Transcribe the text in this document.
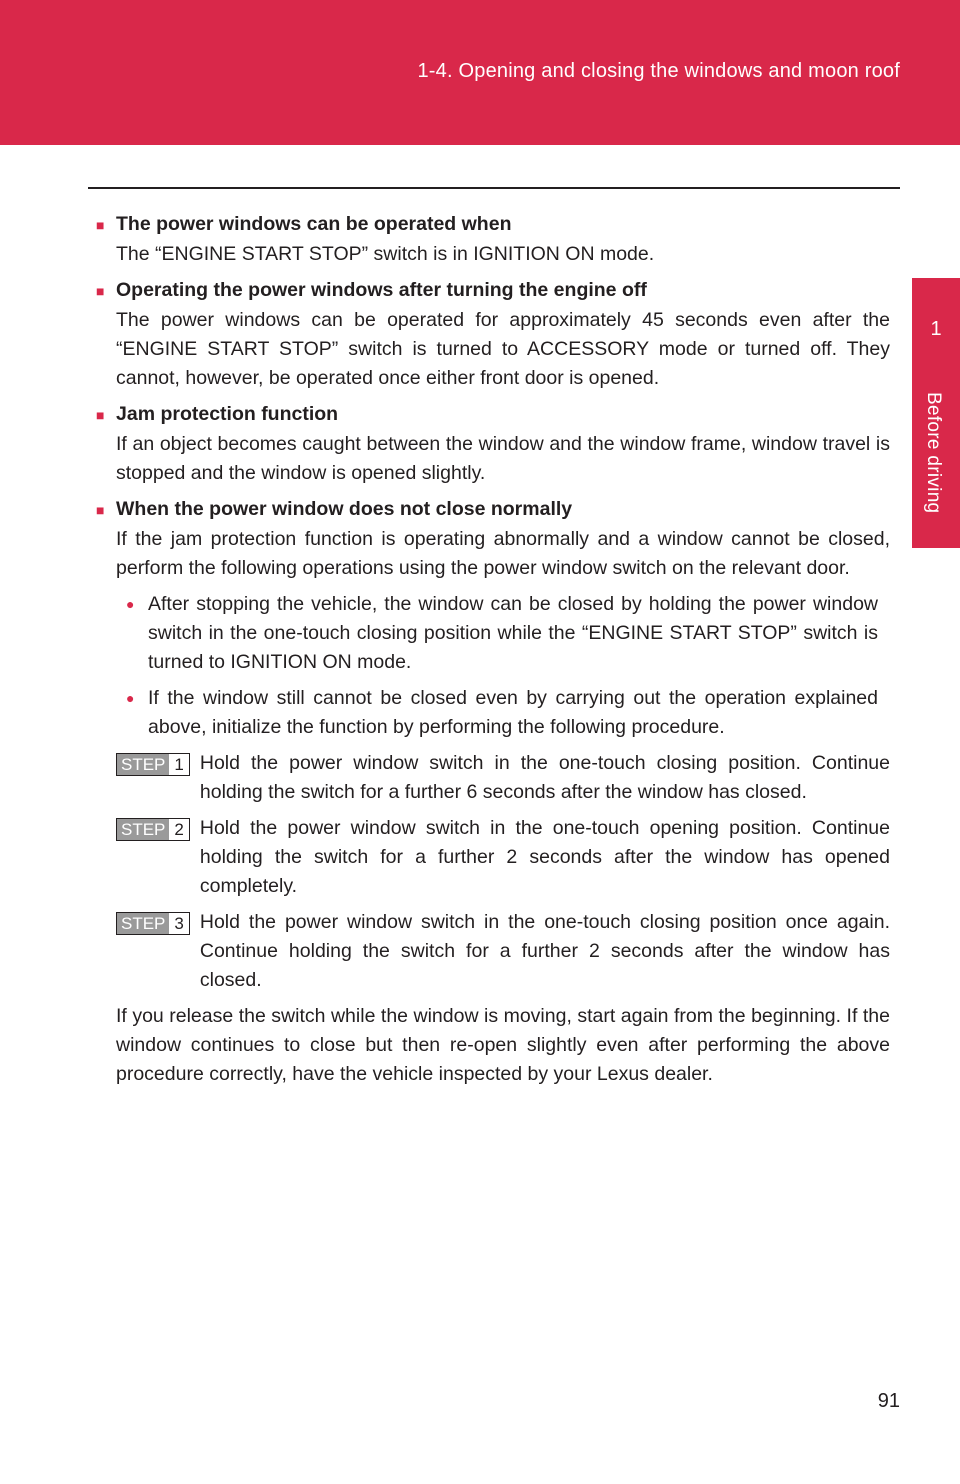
1-4. Opening and closing the windows and moon roof
1
Before driving
■ The power windows can be operated when
The “ENGINE START STOP” switch is in IGNITION ON mode.
■ Operating the power windows after turning the engine off
The power windows can be operated for approximately 45 seconds even after the “ENGINE START STOP” switch is turned to ACCESSORY mode or turned off. They cannot, however, be operated once either front door is opened.
■ Jam protection function
If an object becomes caught between the window and the window frame, window travel is stopped and the window is opened slightly.
■ When the power window does not close normally
If the jam protection function is operating abnormally and a window cannot be closed, perform the following operations using the power window switch on the relevant door.
● After stopping the vehicle, the window can be closed by holding the power window switch in the one-touch closing position while the “ENGINE START STOP” switch is turned to IGNITION ON mode.
● If the window still cannot be closed even by carrying out the operation explained above, initialize the function by performing the following procedure.
STEP 1 Hold the power window switch in the one-touch closing position. Continue holding the switch for a further 6 seconds after the window has closed.
STEP 2 Hold the power window switch in the one-touch opening position. Continue holding the switch for a further 2 seconds after the window has opened completely.
STEP 3 Hold the power window switch in the one-touch closing position once again. Continue holding the switch for a further 2 seconds after the window has closed.
If you release the switch while the window is moving, start again from the beginning. If the window continues to close but then re-open slightly even after performing the above procedure correctly, have the vehicle inspected by your Lexus dealer.
91
